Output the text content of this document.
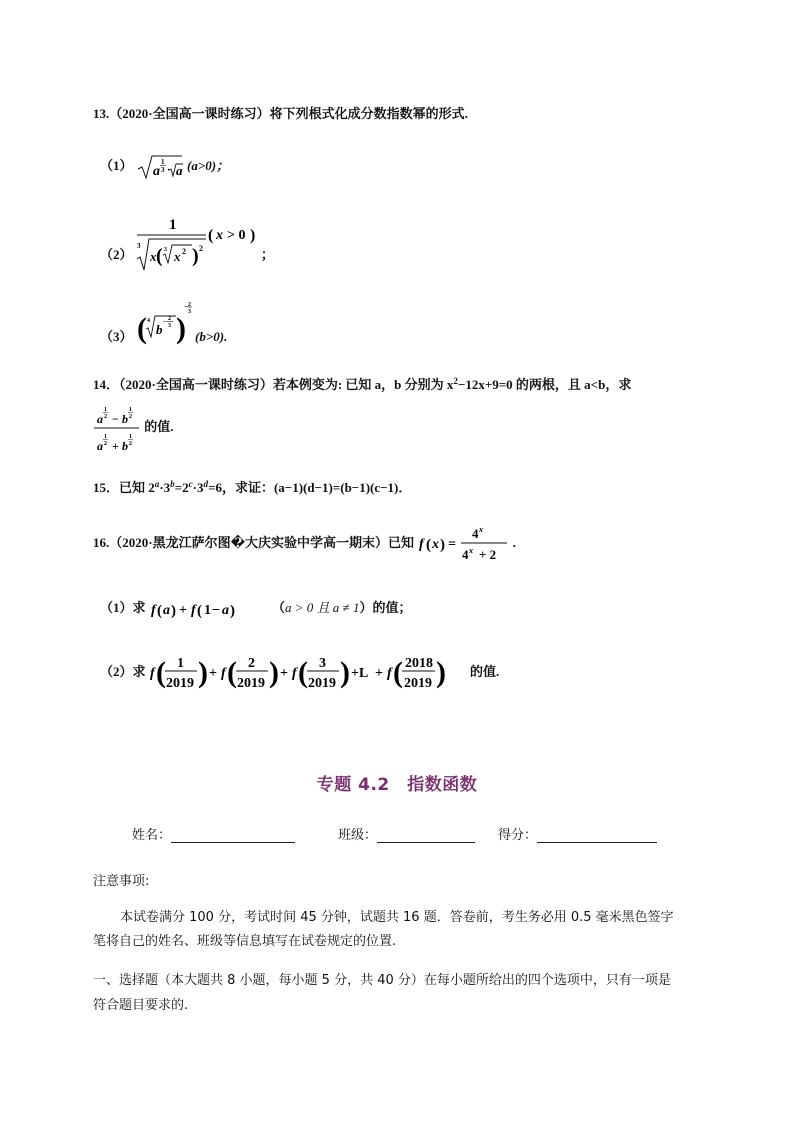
13.（2020·全国高一课时练习）将下列根式化成分数指数幂的形式.
（1） a
1
3 · a (a>0)；
（2）
1
3
x ( 3 x 2 ) 2
( x > 0 )
；
（3） ( 4
b − 2
3 )
− 2
3
(b>0).
14．（2020·全国高一课时练习）若本例变为: 已知 a，b 分别为 $x^2-12x+9=0$ 的两根，且 a<b，求
a
1
2 − b
1
2
a
1
2 + b
1
2
的值.
15．已知 $2^a\cdot 3^b=2^c\cdot 3^d=6$，求证：(a−1)(d−1)=(b−1)(c−1)．
16.（2020·黑龙江萨尔图�大庆实验中学高一期末）已知 f ( x ) =
4 x
4 x + 2
.
（1）求 f ( a ) + f ( 1 − a )	（a > 0 且 a ≠ 1）的值；
（2）求 f ( 1
2019 ) + f ( 2
2019 ) + f ( 3
2019 ) +L + f ( 2018
2019 ) 的值.
专题 4.2　指数函数
姓名：	班级：	得分：
注意事项:
本试卷满分 100 分，考试时间 45 分钟，试题共 16 题．答卷前，考生务必用 0.5 毫米黑色签字
笔将自己的姓名、班级等信息填写在试卷规定的位置.
一、选择题（本大题共 8 小题，每小题 5 分，共 40 分）在每小题所给出的四个选项中，只有一项是
符合题目要求的.
